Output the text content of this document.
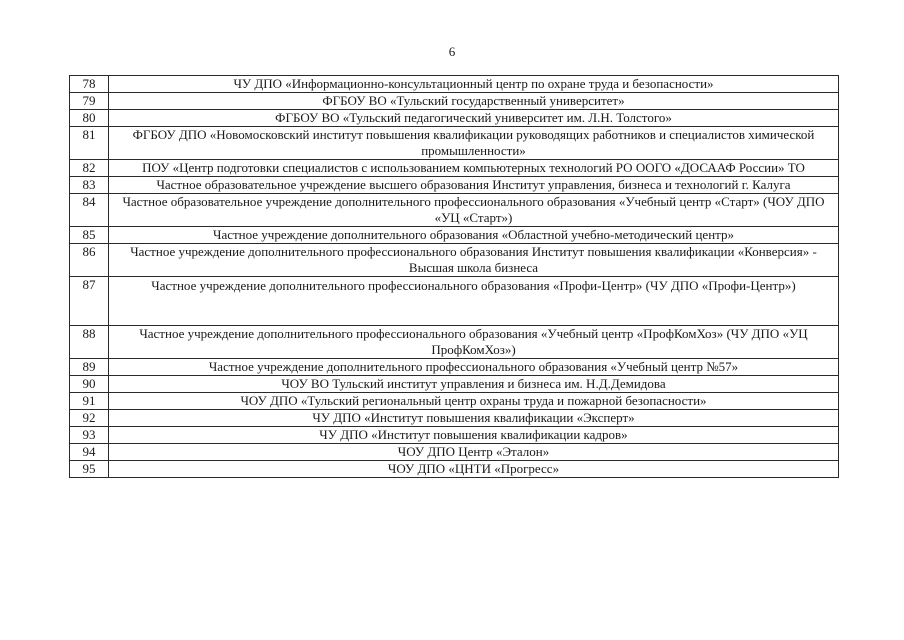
6
78	ЧУ ДПО «Информационно-консультационный центр по охране труда и безопасности»
79	ФГБОУ ВО «Тульский государственный университет»
80	ФГБОУ ВО «Тульский педагогический университет им. Л.Н. Толстого»
81	ФГБОУ ДПО «Новомосковский институт повышения квалификации руководящих работников и специалистов химической промышленности»
82	ПОУ «Центр подготовки специалистов с использованием компьютерных технологий РО ООГО «ДОСААФ России» ТО
83	Частное образовательное учреждение высшего образования Институт управления, бизнеса и технологий г. Калуга
84	Частное образовательное учреждение дополнительного профессионального образования «Учебный центр «Старт» (ЧОУ ДПО «УЦ «Старт»)
85	Частное учреждение дополнительного образования «Областной учебно-методический центр»
86	Частное учреждение дополнительного профессионального образования Институт повышения квалификации «Конверсия» - Высшая школа бизнеса
87	Частное учреждение дополнительного профессионального образования «Профи-Центр» (ЧУ ДПО «Профи-Центр»)

88	Частное учреждение дополнительного профессионального образования «Учебный центр «ПрофКомХоз» (ЧУ ДПО «УЦ ПрофКомХоз»)
89	Частное учреждение дополнительного профессионального образования «Учебный центр №57»
90	ЧОУ ВО Тульский институт управления и бизнеса им. Н.Д.Демидова
91	ЧОУ ДПО «Тульский региональный центр охраны труда и пожарной безопасности»
92	ЧУ ДПО «Институт повышения квалификации «Эксперт»
93	ЧУ ДПО «Институт повышения квалификации кадров»
94	ЧОУ ДПО Центр «Эталон»
95	ЧОУ ДПО «ЦНТИ «Прогресс»
